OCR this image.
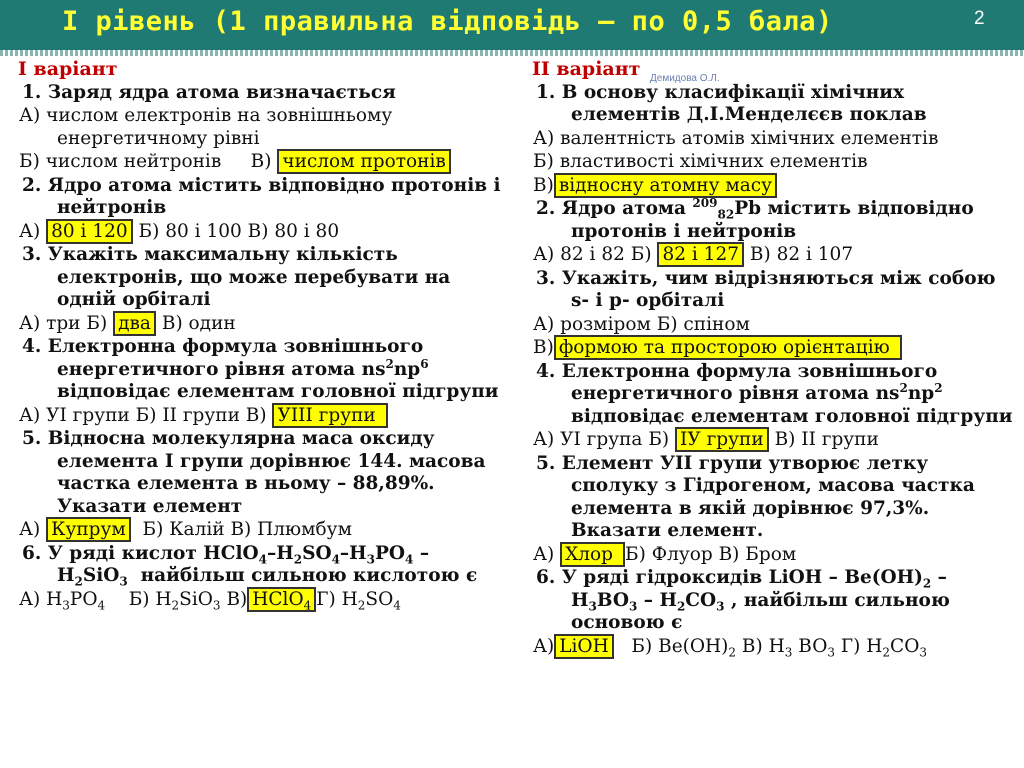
І рівень (1 правильна відповідь – по 0,5 бала)	2
Демидова О.Л.
І варіант
1. Заряд ядра атома визначається
А) числом електронів на зовнішньому енергетичному рівні
Б) числом нейтронів В) числом протонів
2. Ядро атома містить відповідно протонів і нейтронів
А) 80 і 120 Б) 80 і 100 В) 80 і 80
3. Укажіть максимальну кількість електронів, що може перебувати на одній орбіталі
А) три Б) два В) один
4. Електронна формула зовнішнього енергетичного рівня атома $ns^2np^6$ відповідає елементам головної підгрупи
А) УІ групи Б) ІІ групи В) УІІІ групи
5. Відносна молекулярна маса оксиду елемента І групи дорівнює 144. масова частка елемента в ньому – 88,89%. Указати елемент
А) Купрум Б) Калій В) Плюмбум
6. У ряді кислот $HClO_4-H_2SO_4-H_3PO_4 - H_2SiO_3$ найбільш сильною кислотою є
А) $H_3PO_4$ Б) $H_2SiO_3$ В) HClO$_4$ Г) $H_2SO_4$
ІІ варіант
1. В основу класифікації хімічних елементів Д.І.Менделєєв поклав
А) валентність атомів хімічних елементів
Б) властивості хімічних елементів
В) відносну атомну масу
2. Ядро атома $^{209}_{82}$Pb містить відповідно протонів і нейтронів
А) 82 і 82 Б) 82 і 127 В) 82 і 107
3. Укажіть, чим відрізняються між собою s- і p- орбіталі
А) розміром Б) спіном
В) формою та просторою орієнтацію
4. Електронна формула зовнішнього енергетичного рівня атома $ns^2np^2$ відповідає елементам головної підгрупи
А) УІ група Б) ІУ групи В) ІІ групи
5. Елемент УІІ групи утворює летку сполуку з Гідрогеном, масова частка елемента в якій дорівнює 97,3%. Вказати елемент.
А) Хлор Б) Флуор В) Бром
6. У ряді гідроксидів LiOH – $Be(OH)_2 - H_3BO_3 - H_2CO_3$ , найбільш сильною основою є
А) LiOH Б) $Be(OH)_2$ В) $H_3$ $BO_3$ Г) $H_2CO_3$
